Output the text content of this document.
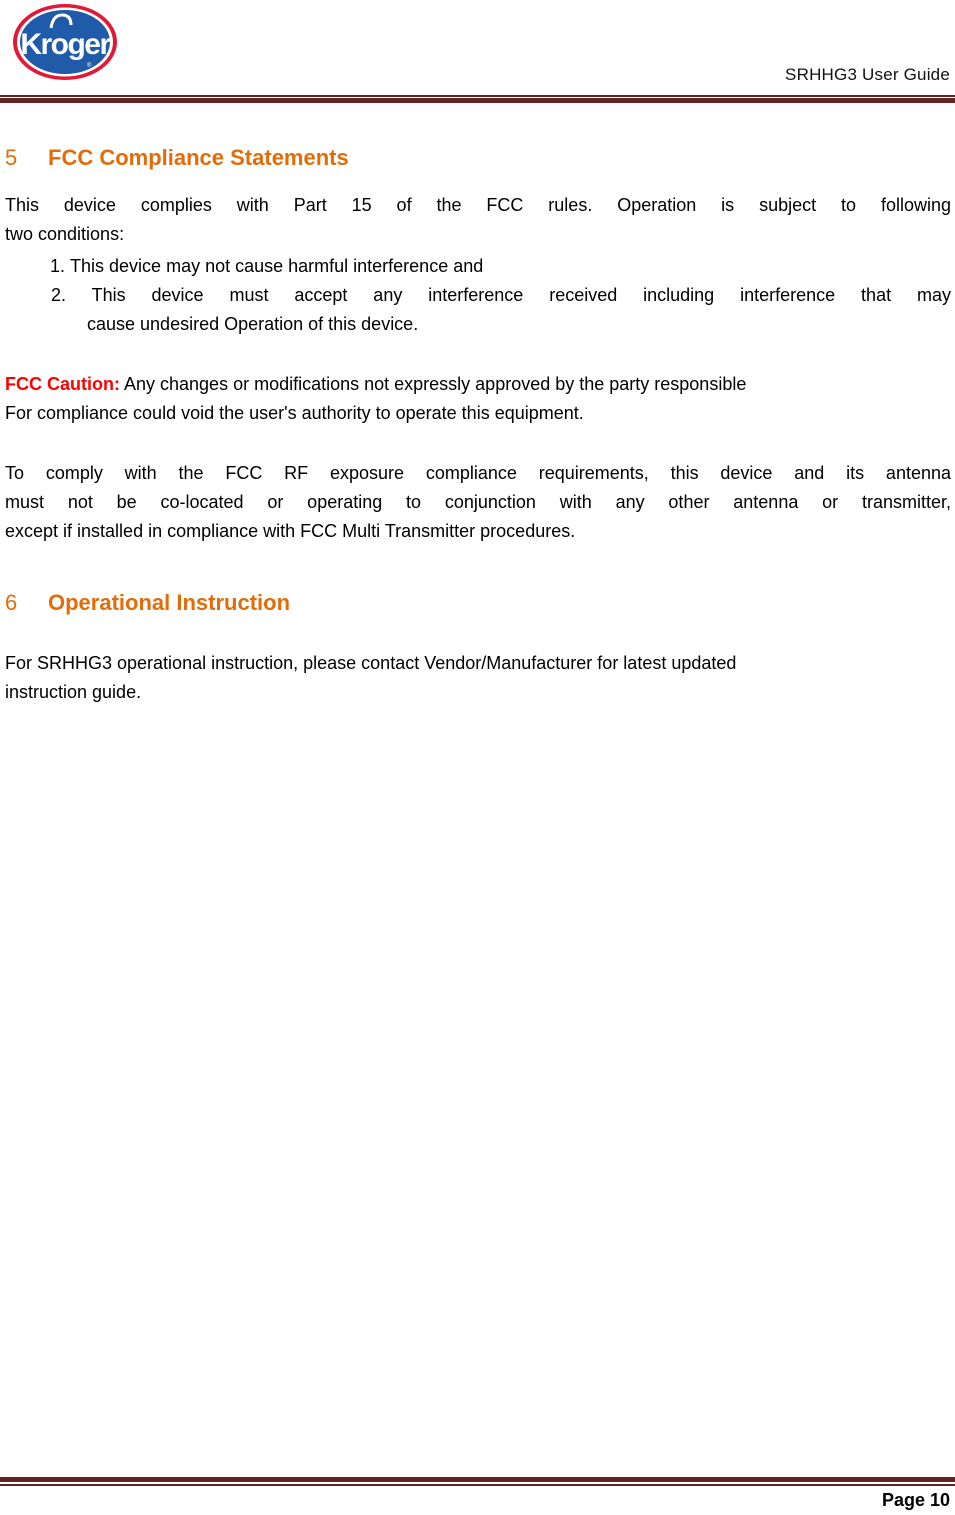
Kroger
®	SRHHG3 User Guide
5 FCC Compliance Statements

This device complies with Part 15 of the FCC rules. Operation is subject to following

two conditions:

1. This device may not cause harmful interference and

2. This device must accept any interference received including interference that may

cause undesired Operation of this device.

FCC Caution: Any changes or modifications not expressly approved by the party responsible

For compliance could void the user's authority to operate this equipment.

To comply with the FCC RF exposure compliance requirements, this device and its antenna

must not be co-located or operating to conjunction with any other antenna or transmitter,

except if installed in compliance with FCC Multi Transmitter procedures.

6 Operational Instruction

For SRHHG3 operational instruction, please contact Vendor/Manufacturer for latest updated

instruction guide.

Page 10
